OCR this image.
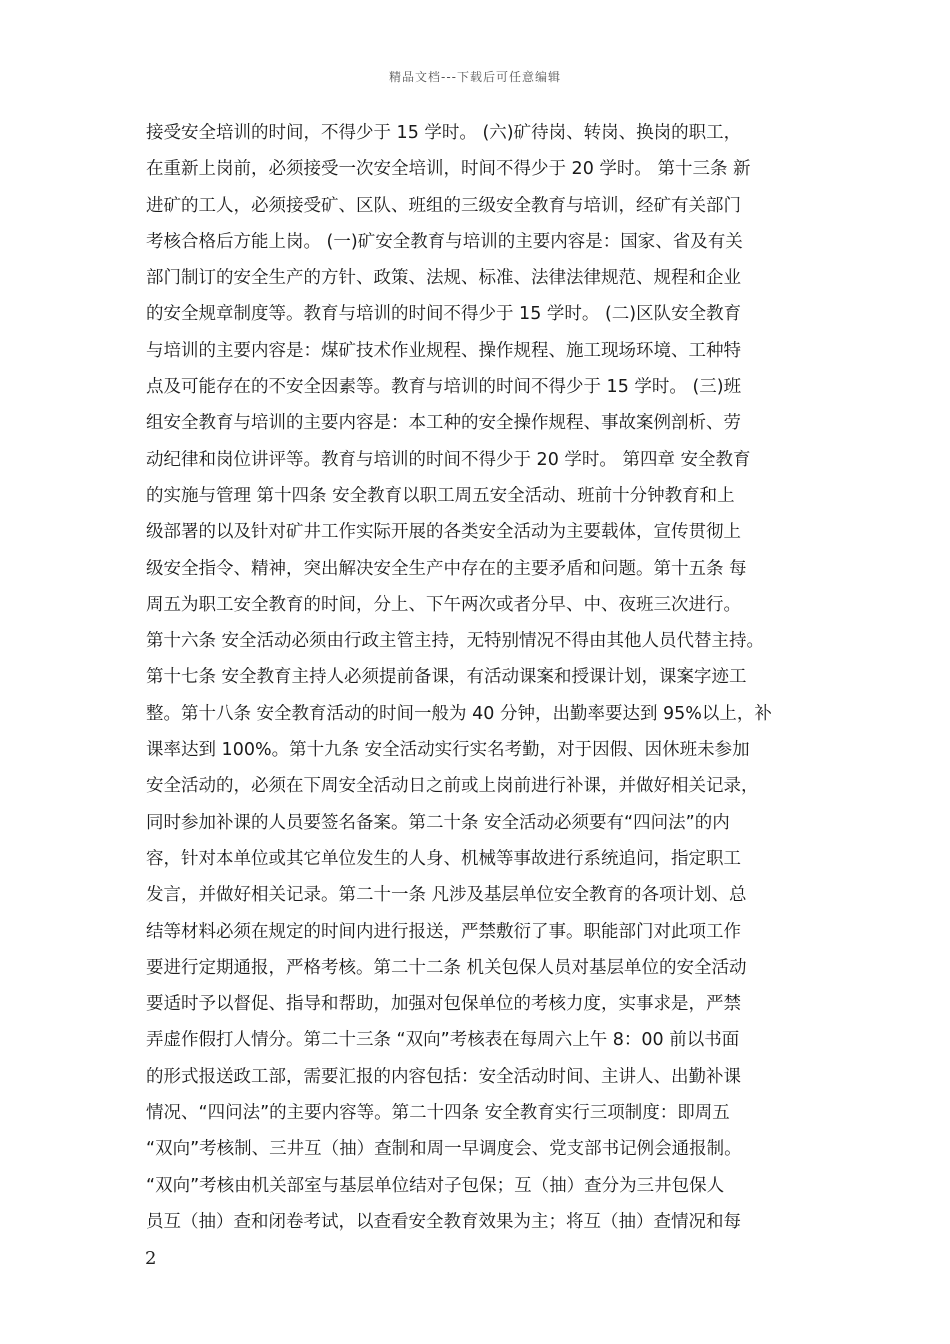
精品文档---下载后可任意编辑
接受安全培训的时间，不得少于 15 学时。 (六)矿待岗、转岗、换岗的职工，
在重新上岗前，必须接受一次安全培训，时间不得少于 20 学时。 第十三条 新
进矿的工人，必须接受矿、区队、班组的三级安全教育与培训，经矿有关部门
考核合格后方能上岗。 (一)矿安全教育与培训的主要内容是：国家、省及有关
部门制订的安全生产的方针、政策、法规、标准、法律法律规范、规程和企业
的安全规章制度等。教育与培训的时间不得少于 15 学时。 (二)区队安全教育
与培训的主要内容是：煤矿技术作业规程、操作规程、施工现场环境、工种特
点及可能存在的不安全因素等。教育与培训的时间不得少于 15 学时。 (三)班
组安全教育与培训的主要内容是：本工种的安全操作规程、事故案例剖析、劳
动纪律和岗位讲评等。教育与培训的时间不得少于 20 学时。 第四章 安全教育
的实施与管理 第十四条 安全教育以职工周五安全活动、班前十分钟教育和上
级部署的以及针对矿井工作实际开展的各类安全活动为主要载体，宣传贯彻上
级安全指令、精神，突出解决安全生产中存在的主要矛盾和问题。第十五条 每
周五为职工安全教育的时间，分上、下午两次或者分早、中、夜班三次进行。
第十六条 安全活动必须由行政主管主持，无特别情况不得由其他人员代替主持。
第十七条 安全教育主持人必须提前备课，有活动课案和授课计划，课案字迹工
整。第十八条 安全教育活动的时间一般为 40 分钟，出勤率要达到 95%以上，补
课率达到 100%。第十九条 安全活动实行实名考勤，对于因假、因休班未参加
安全活动的，必须在下周安全活动日之前或上岗前进行补课，并做好相关记录，
同时参加补课的人员要签名备案。第二十条 安全活动必须要有“四问法”的内
容，针对本单位或其它单位发生的人身、机械等事故进行系统追问，指定职工
发言，并做好相关记录。第二十一条 凡涉及基层单位安全教育的各项计划、总
结等材料必须在规定的时间内进行报送，严禁敷衍了事。职能部门对此项工作
要进行定期通报，严格考核。第二十二条 机关包保人员对基层单位的安全活动
要适时予以督促、指导和帮助，加强对包保单位的考核力度，实事求是，严禁
弄虚作假打人情分。第二十三条 “双向”考核表在每周六上午 8：00 前以书面
的形式报送政工部，需要汇报的内容包括：安全活动时间、主讲人、出勤补课
情况、“四问法”的主要内容等。第二十四条 安全教育实行三项制度：即周五
“双向”考核制、三井互（抽）查制和周一早调度会、党支部书记例会通报制。
“双向”考核由机关部室与基层单位结对子包保；互（抽）查分为三井包保人
员互（抽）查和闭卷考试，以查看安全教育效果为主；将互（抽）查情况和每
2
